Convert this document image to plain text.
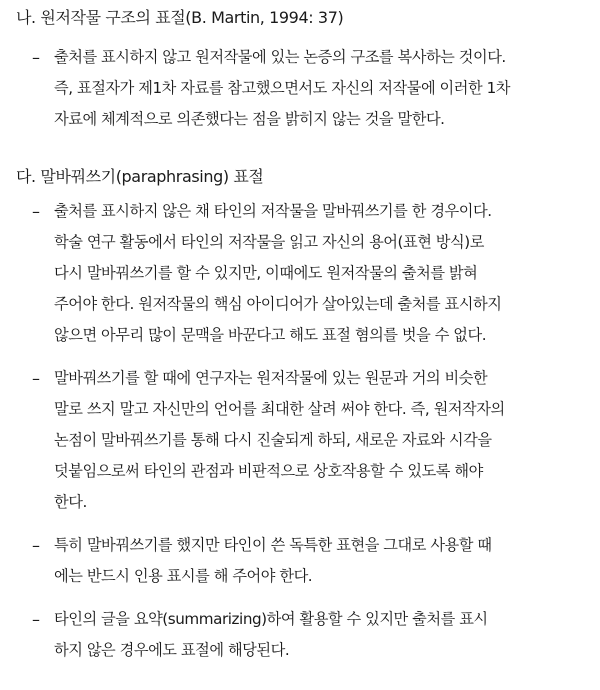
나. 원저작물 구조의 표절(B. Martin, 1994: 37)
– 출처를 표시하지 않고 원저작물에 있는 논증의 구조를 복사하는 것이다.
즉, 표절자가 제1차 자료를 참고했으면서도 자신의 저작물에 이러한 1차
자료에 체계적으로 의존했다는 점을 밝히지 않는 것을 말한다.
다. 말바꿔쓰기(paraphrasing) 표절
– 출처를 표시하지 않은 채 타인의 저작물을 말바꿔쓰기를 한 경우이다.
학술 연구 활동에서 타인의 저작물을 읽고 자신의 용어(표현 방식)로
다시 말바꿔쓰기를 할 수 있지만, 이때에도 원저작물의 출처를 밝혀
주어야 한다. 원저작물의 핵심 아이디어가 살아있는데 출처를 표시하지
않으면 아무리 많이 문맥을 바꾼다고 해도 표절 혐의를 벗을 수 없다.
– 말바꿔쓰기를 할 때에 연구자는 원저작물에 있는 원문과 거의 비슷한
말로 쓰지 말고 자신만의 언어를 최대한 살려 써야 한다. 즉, 원저작자의
논점이 말바꿔쓰기를 통해 다시 진술되게 하되, 새로운 자료와 시각을
덧붙임으로써 타인의 관점과 비판적으로 상호작용할 수 있도록 해야
한다.
– 특히 말바꿔쓰기를 했지만 타인이 쓴 독특한 표현을 그대로 사용할 때
에는 반드시 인용 표시를 해 주어야 한다.
– 타인의 글을 요약(summarizing)하여 활용할 수 있지만 출처를 표시
하지 않은 경우에도 표절에 해당된다.
